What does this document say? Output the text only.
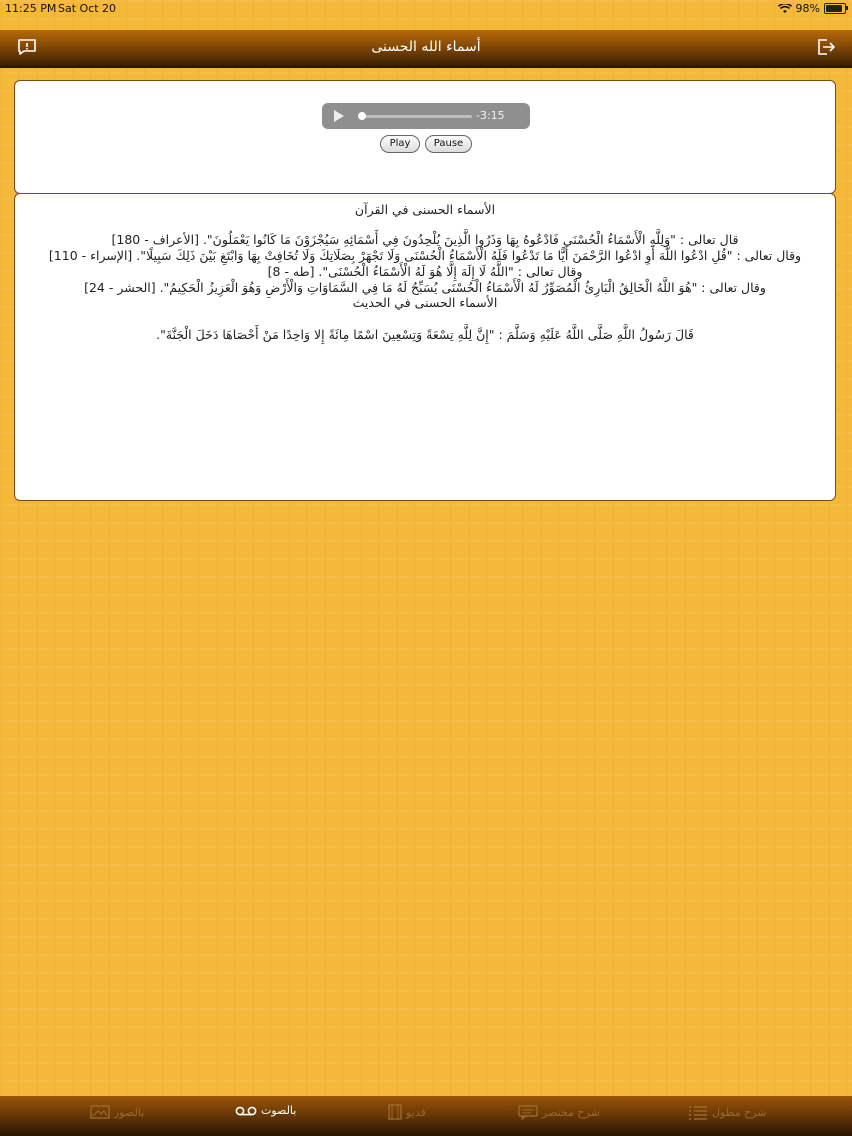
11:25 PM Sat Oct 20	98%
أسماء الله الحسنى
-3:15
Play	Pause
الأسماء الحسنى في القرآن
قال تعالى : "وَلِلَّهِ الْأَسْمَاءُ الْحُسْنَى فَادْعُوهُ بِهَا وَذَرُوا الَّذِينَ يُلْحِدُونَ فِي أَسْمَائِهِ سَيُجْزَوْنَ مَا كَانُوا يَعْمَلُونَ". [الأعراف - 180]
وقال تعالى : "قُلِ ادْعُوا اللَّهَ أَوِ ادْعُوا الرَّحْمَنَ أَيًّا مَا تَدْعُوا فَلَهُ الْأَسْمَاءُ الْحُسْنَى وَلَا تَجْهَرْ بِصَلَاتِكَ وَلَا تُخَافِتْ بِهَا وَابْتَغِ بَيْنَ ذَلِكَ سَبِيلًا". [الإسراء - 110]
وقال تعالى : "اللَّهُ لَا إِلَهَ إِلَّا هُوَ لَهُ الْأَسْمَاءُ الْحُسْنَى". [طه - 8]
وقال تعالى : "هُوَ اللَّهُ الْخَالِقُ الْبَارِئُ الْمُصَوِّرُ لَهُ الْأَسْمَاءُ الْحُسْنَى يُسَبِّحُ لَهُ مَا فِي السَّمَاوَاتِ وَالْأَرْضِ وَهُوَ الْعَزِيزُ الْحَكِيمُ". [الحشر - 24]
الأسماء الحسنى في الحديث
قَالَ رَسُولُ اللَّهِ صَلَّى اللَّهُ عَلَيْهِ وَسَلَّمَ : "إِنَّ لِلَّهِ تِسْعَةً وَتِسْعِينَ اسْمًا مِائَةً إِلا وَاحِدًا مَنْ أَحْصَاهَا دَخَلَ الْجَنَّةَ".
بالصور	بالصوت	فديو	شرح مختصر	شرح مطول
